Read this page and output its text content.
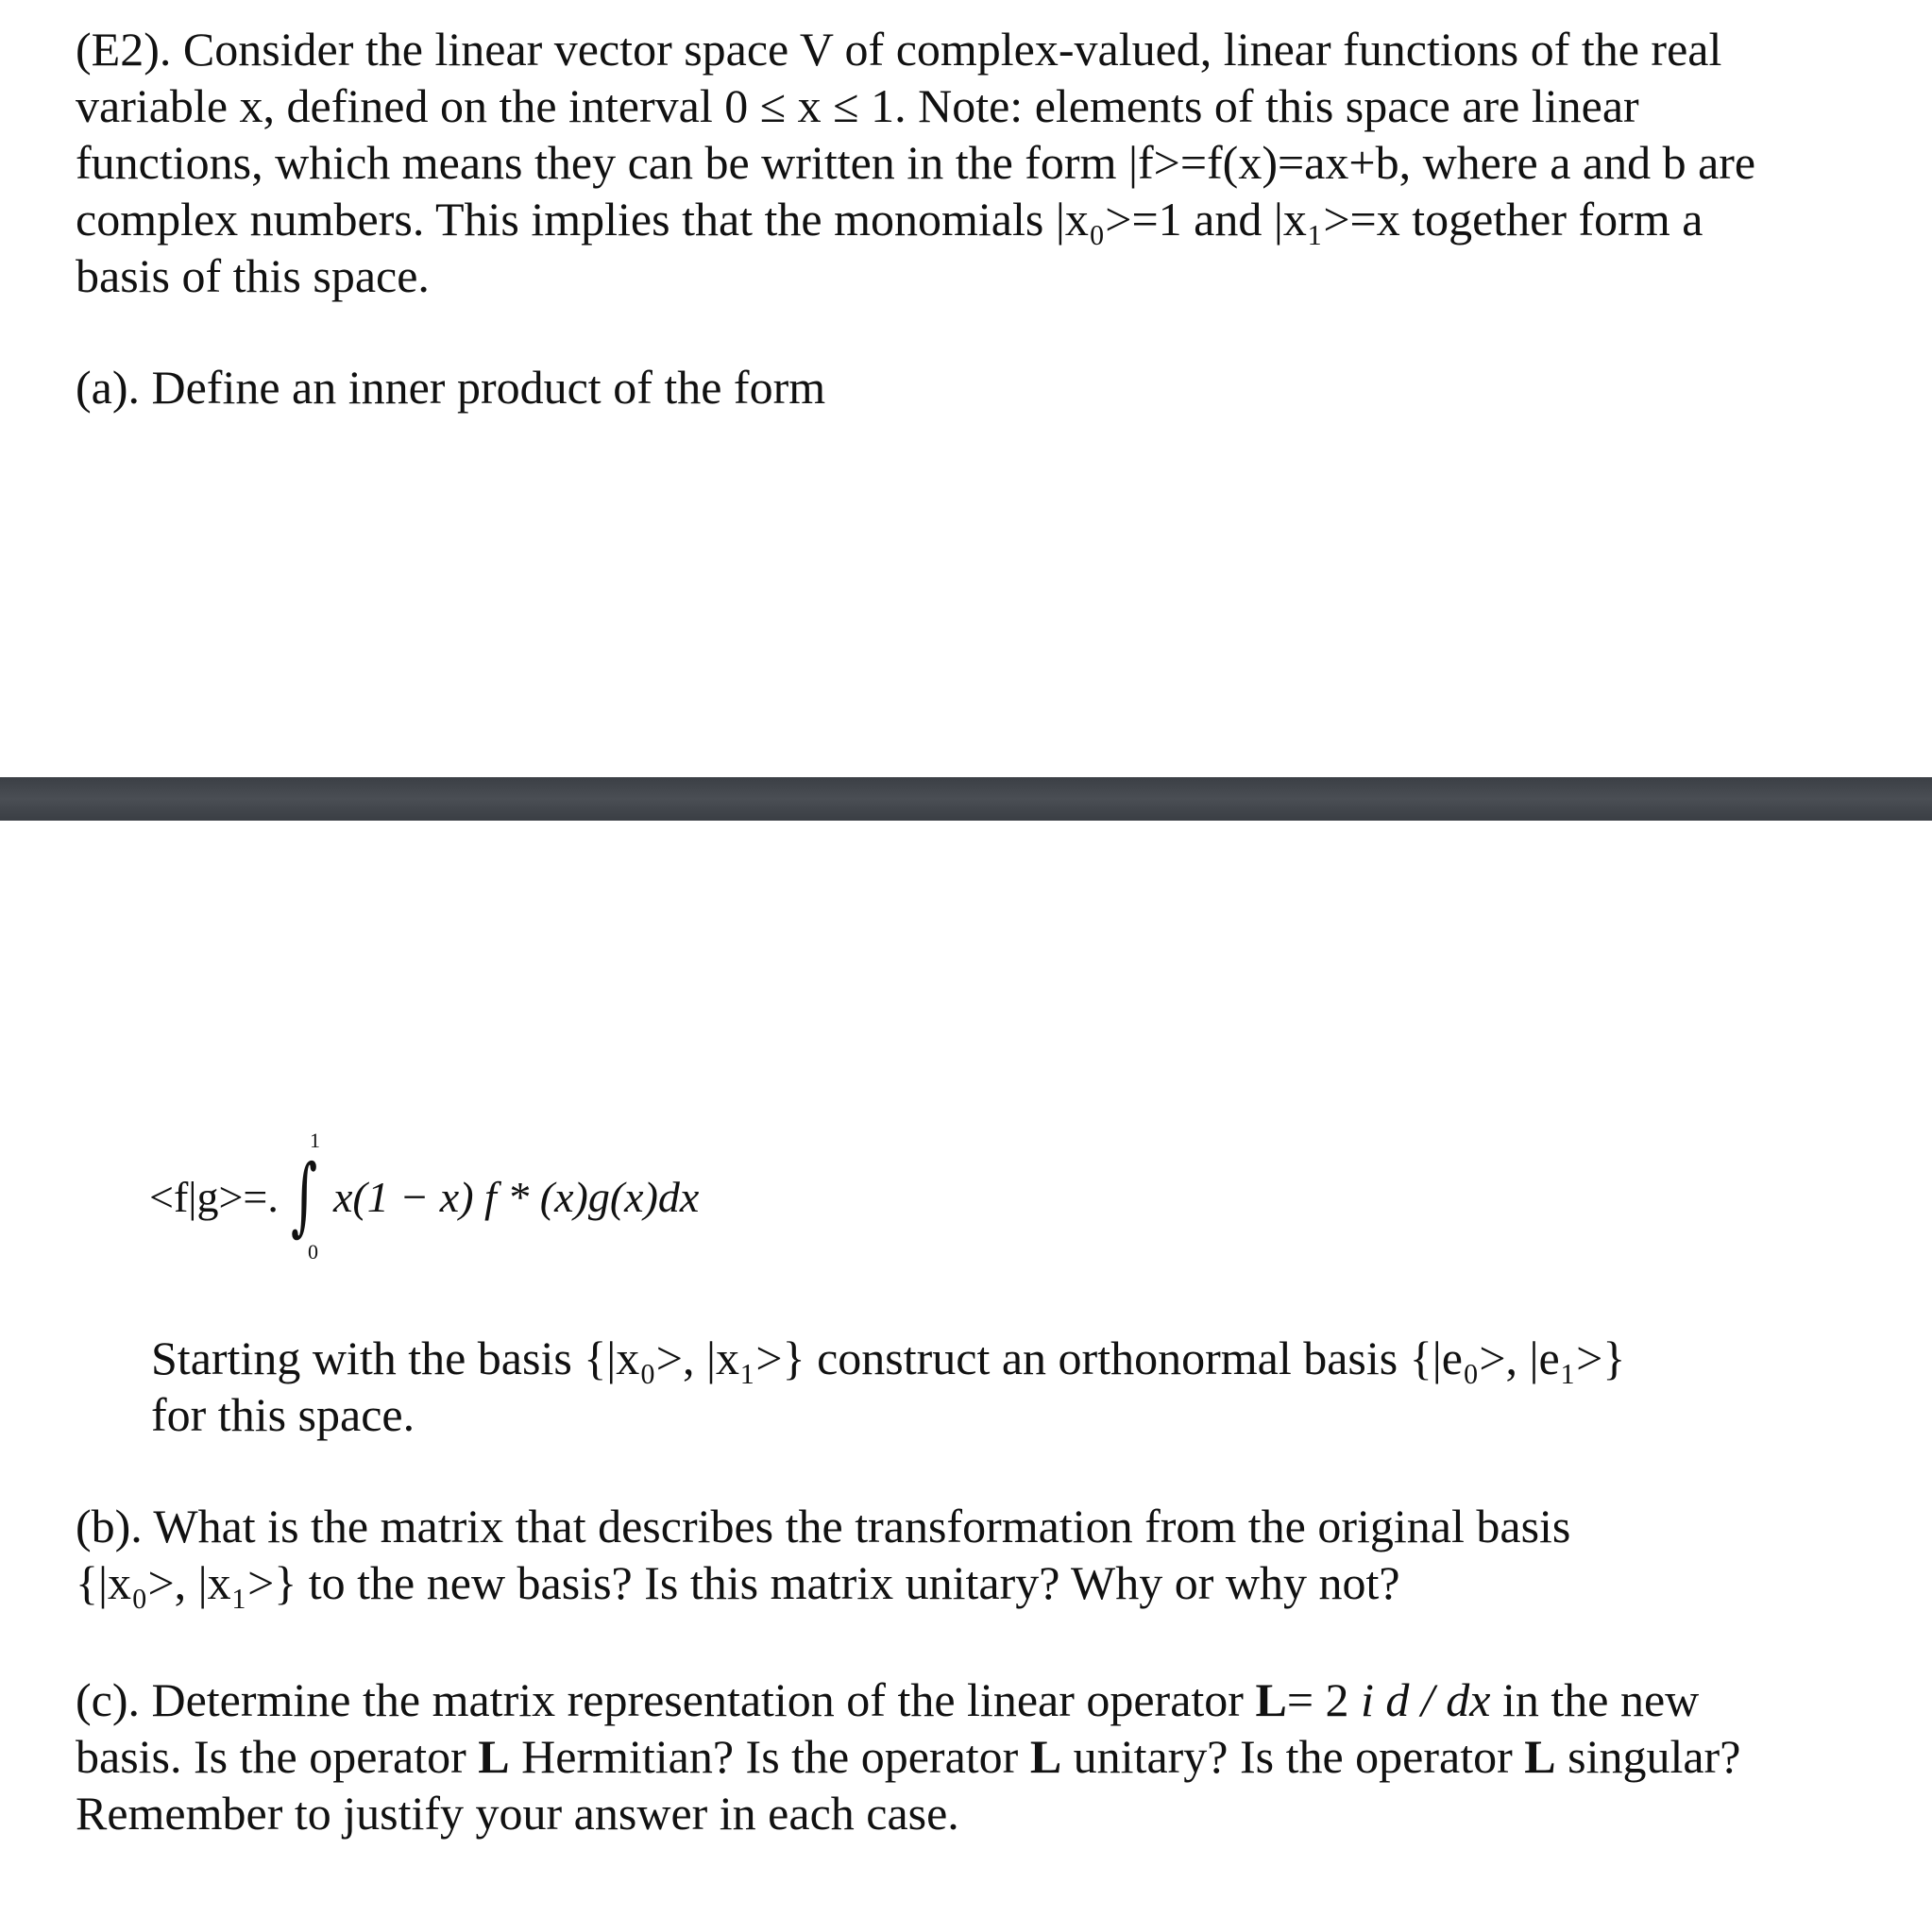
(E2). Consider the linear vector space V of complex-valued, linear functions of the real
variable x, defined on the interval 0 ≤ x ≤ 1. Note: elements of this space are linear
functions, which means they can be written in the form |f>=f(x)=ax+b, where a and b are
complex numbers. This implies that the monomials |x₀>=1 and |x₁>=x together form a
basis of this space.

(a). Define an inner product of the form

<f|g>=.
1
∫
0
x(1 − x) f * (x)g(x)dx

Starting with the basis {|x₀>, |x₁>} construct an orthonormal basis {|e₀>, |e₁>}
for this space.

(b). What is the matrix that describes the transformation from the original basis
{|x₀>, |x₁>} to the new basis? Is this matrix unitary? Why or why not?

(c). Determine the matrix representation of the linear operator L= 2 i d / dx in the new
basis. Is the operator L Hermitian? Is the operator L unitary? Is the operator L singular?
Remember to justify your answer in each case.
